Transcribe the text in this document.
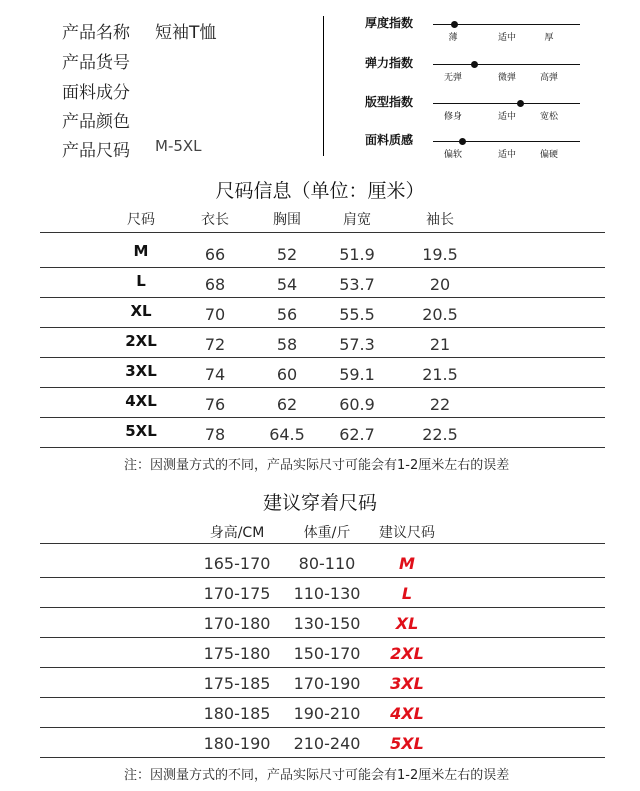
产品名称 短袖T恤
产品货号
面料成分
产品颜色
产品尺码 M-5XL
厚度指数
薄	适中	厚
弹力指数
无弹	微弹	高弹
版型指数
修身	适中	宽松
面料质感
偏软	适中	偏硬
尺码信息（单位：厘米）
尺码	衣长	胸围	肩宽	袖长
M	66	52	51.9	19.5
L	68	54	53.7	20
XL	70	56	55.5	20.5
2XL	72	58	57.3	21
3XL	74	60	59.1	21.5
4XL	76	62	60.9	22
5XL	78	64.5 62.7	22.5
注：因测量方式的不同，产品实际尺寸可能会有1-2厘米左右的误差
建议穿着尺码
身高/CM	体重/斤 建议尺码
165-170 80-110	M
170-175 110-130	L
170-180 130-150 XL
175-180 150-170 2XL
175-185 170-190 3XL
180-185 190-210 4XL
180-190 210-240 5XL
注：因测量方式的不同，产品实际尺寸可能会有1-2厘米左右的误差
